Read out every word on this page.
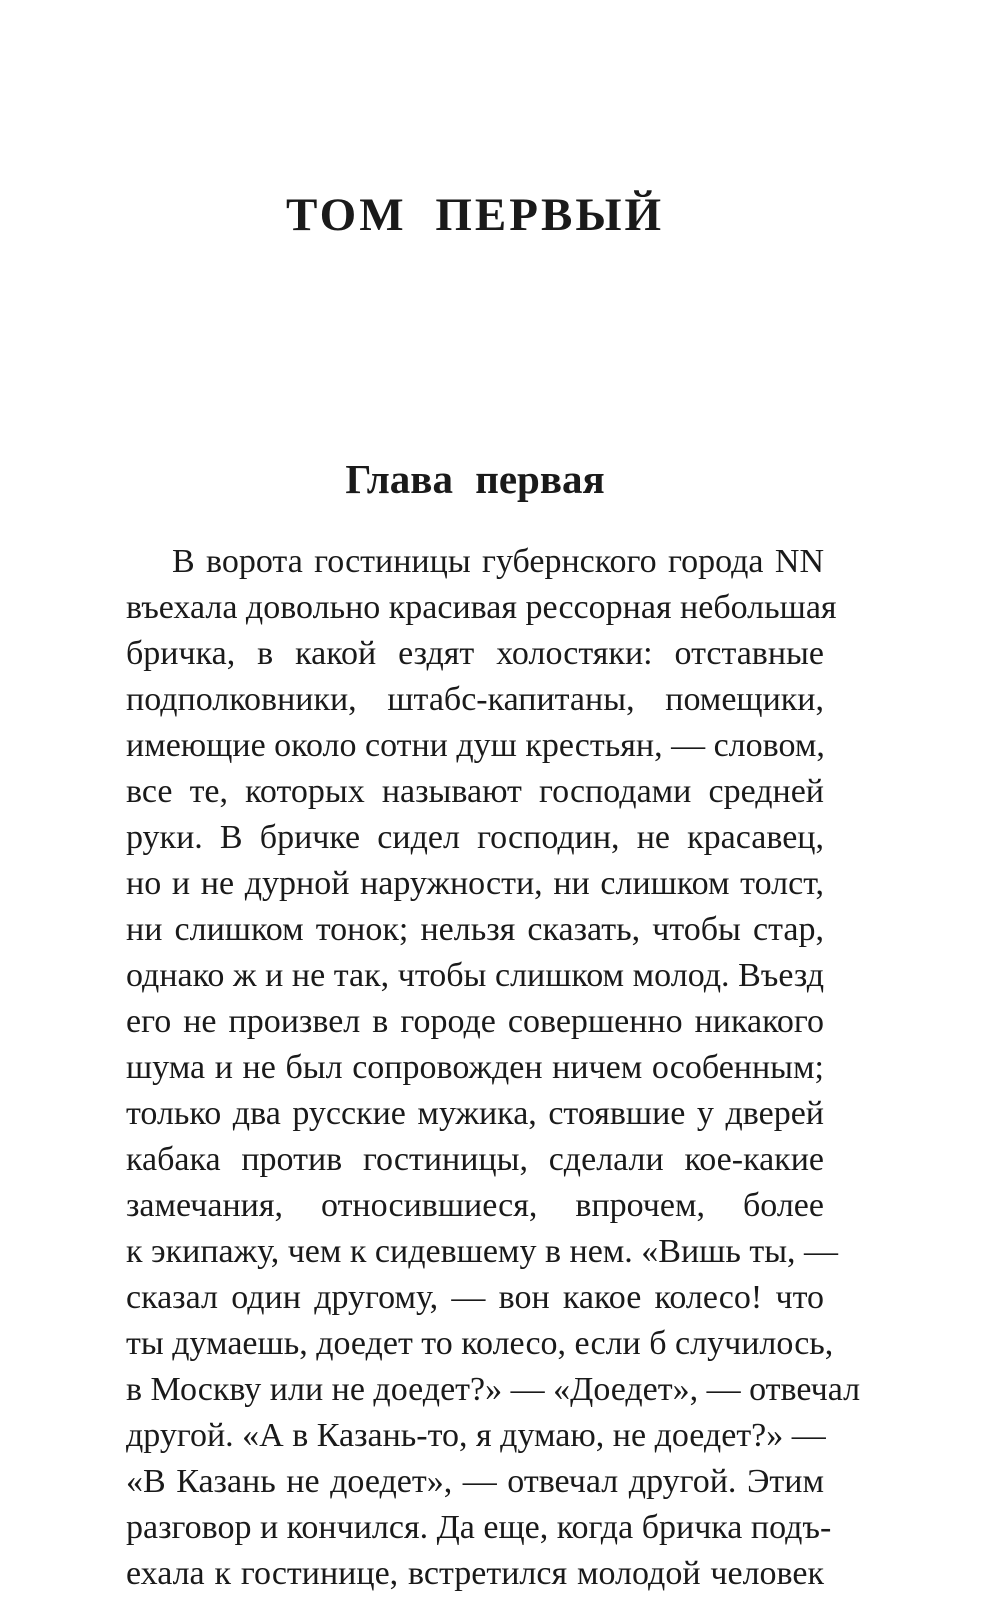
ТОМ ПЕРВЫЙ
Глава первая
В ворота гостиницы губернского города NN
въехала довольно красивая рессорная небольшая
бричка, в какой ездят холостяки: отставные
подполковники, штабс-капитаны, помещики,
имеющие около сотни душ крестьян, — словом,
все те, которых называют господами средней
руки. В бричке сидел господин, не красавец,
но и не дурной наружности, ни слишком толст,
ни слишком тонок; нельзя сказать, чтобы стар,
однако ж и не так, чтобы слишком молод. Въезд
его не произвел в городе совершенно никакого
шума и не был сопровожден ничем особенным;
только два русские мужика, стоявшие у дверей
кабака против гостиницы, сделали кое-какие
замечания, относившиеся, впрочем, более
к экипажу, чем к сидевшему в нем. «Вишь ты, —
сказал один другому, — вон какое колесо! что
ты думаешь, доедет то колесо, если б случилось,
в Москву или не доедет?» — «Доедет», — отвечал
другой. «А в Казань-то, я думаю, не доедет?» —
«В Казань не доедет», — отвечал другой. Этим
разговор и кончился. Да еще, когда бричка подъ-
ехала к гостинице, встретился молодой человек
